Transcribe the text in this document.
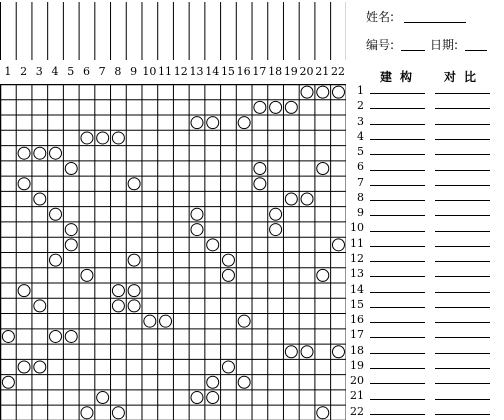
1 2 3 4 5 6 7 8 9 10 11 12 13 14 15 16 17 18 19 20 21 22
姓名:
编号:	日期:
建构 对比
1
2
3
4
5
6
7
8
9
10
11
12
13
14
15
16
17
18
19
20
21
22
